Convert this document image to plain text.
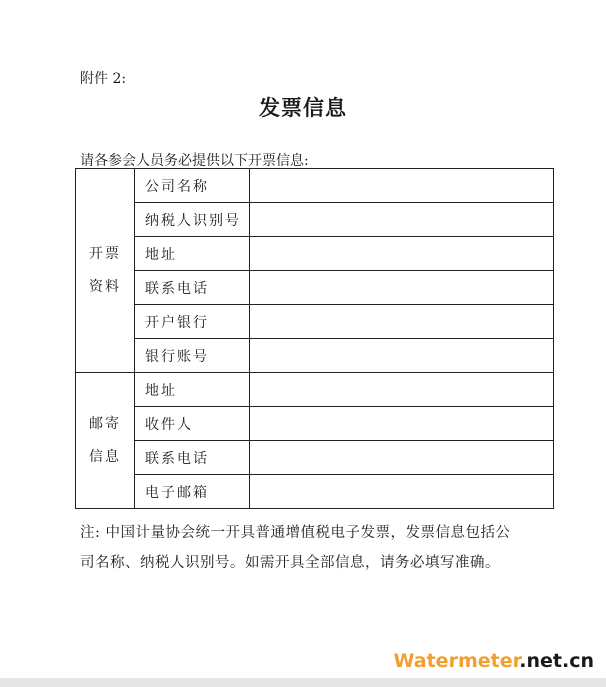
附件 2:
发票信息
请各参会人员务必提供以下开票信息:
开票
资料	公司名称	
	纳税人识别号	
	地址	
	联系电话	
	开户银行	
	银行账号	

邮寄
信息	地址	
	收件人	
	联系电话	
	电子邮箱	
注: 中国计量协会统一开具普通增值税电子发票，发票信息包括公
司名称、纳税人识别号。如需开具全部信息，请务必填写准确。
Watermeter.net.cn
